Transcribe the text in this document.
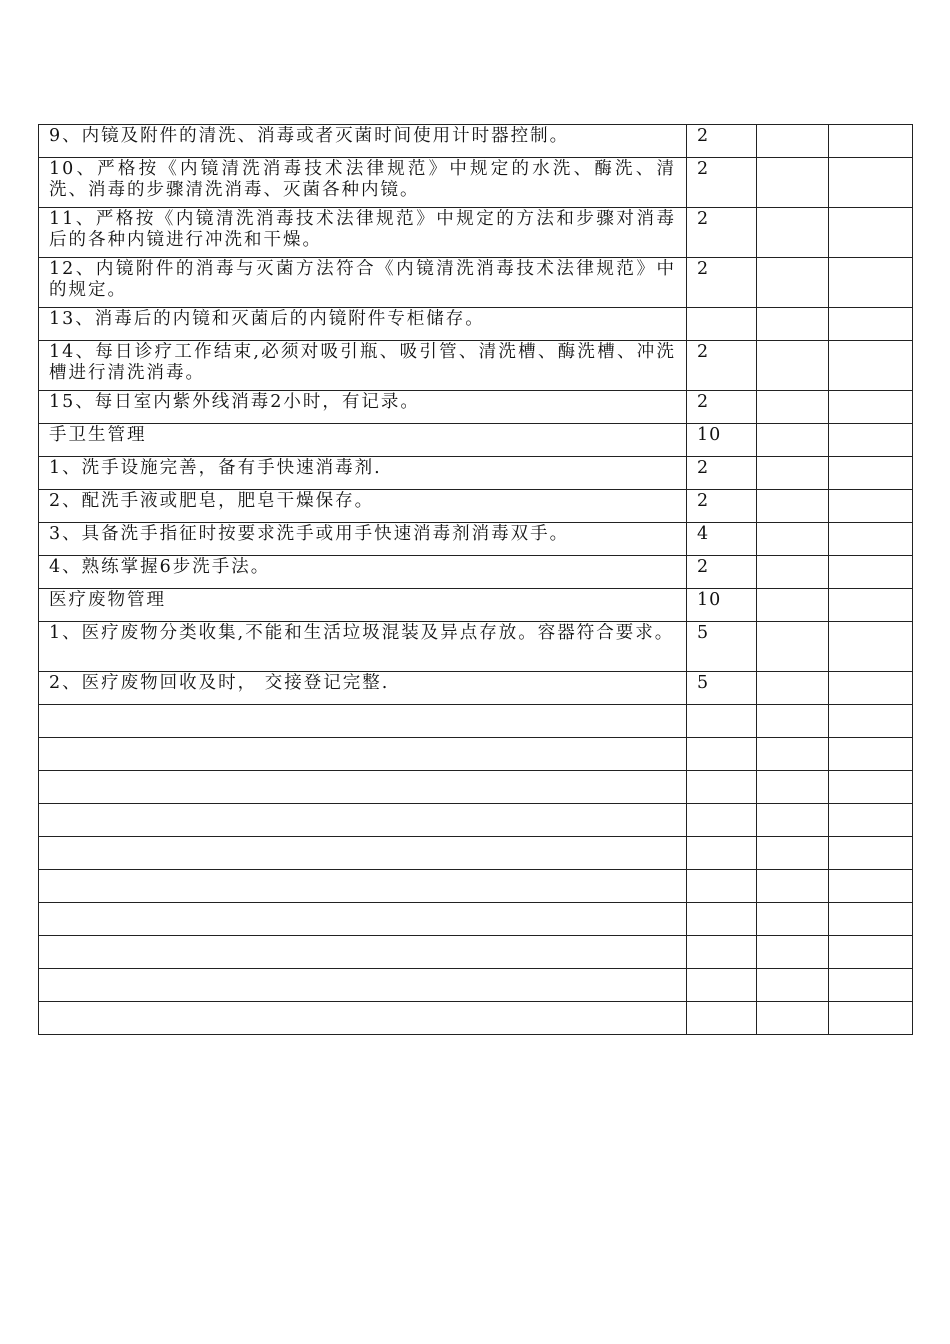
9、内镜及附件的清洗、消毒或者灭菌时间使用计时器控制。	2		
10、严格按《内镜清洗消毒技术法律规范》中规定的水洗、酶洗、清洗、消毒的步骤清洗消毒、灭菌各种内镜。	2		
11、严格按《内镜清洗消毒技术法律规范》中规定的方法和步骤对消毒后的各种内镜进行冲洗和干燥。	2		
12、内镜附件的消毒与灭菌方法符合《内镜清洗消毒技术法律规范》中的规定。	2		
13、消毒后的内镜和灭菌后的内镜附件专柜储存。			
14、每日诊疗工作结束,必须对吸引瓶、吸引管、清洗槽、酶洗槽、冲洗槽进行清洗消毒。	2		
15、每日室内紫外线消毒2小时，有记录。	2		
手卫生管理	10		
1、洗手设施完善，备有手快速消毒剂.	2		
2、配洗手液或肥皂，肥皂干燥保存。	2		
3、具备洗手指征时按要求洗手或用手快速消毒剂消毒双手。	4		
4、熟练掌握6步洗手法。	2		
医疗废物管理	10		
1、医疗废物分类收集,不能和生活垃圾混装及异点存放。容器符合要求。	5		
2、医疗废物回收及时， 交接登记完整.	5		
